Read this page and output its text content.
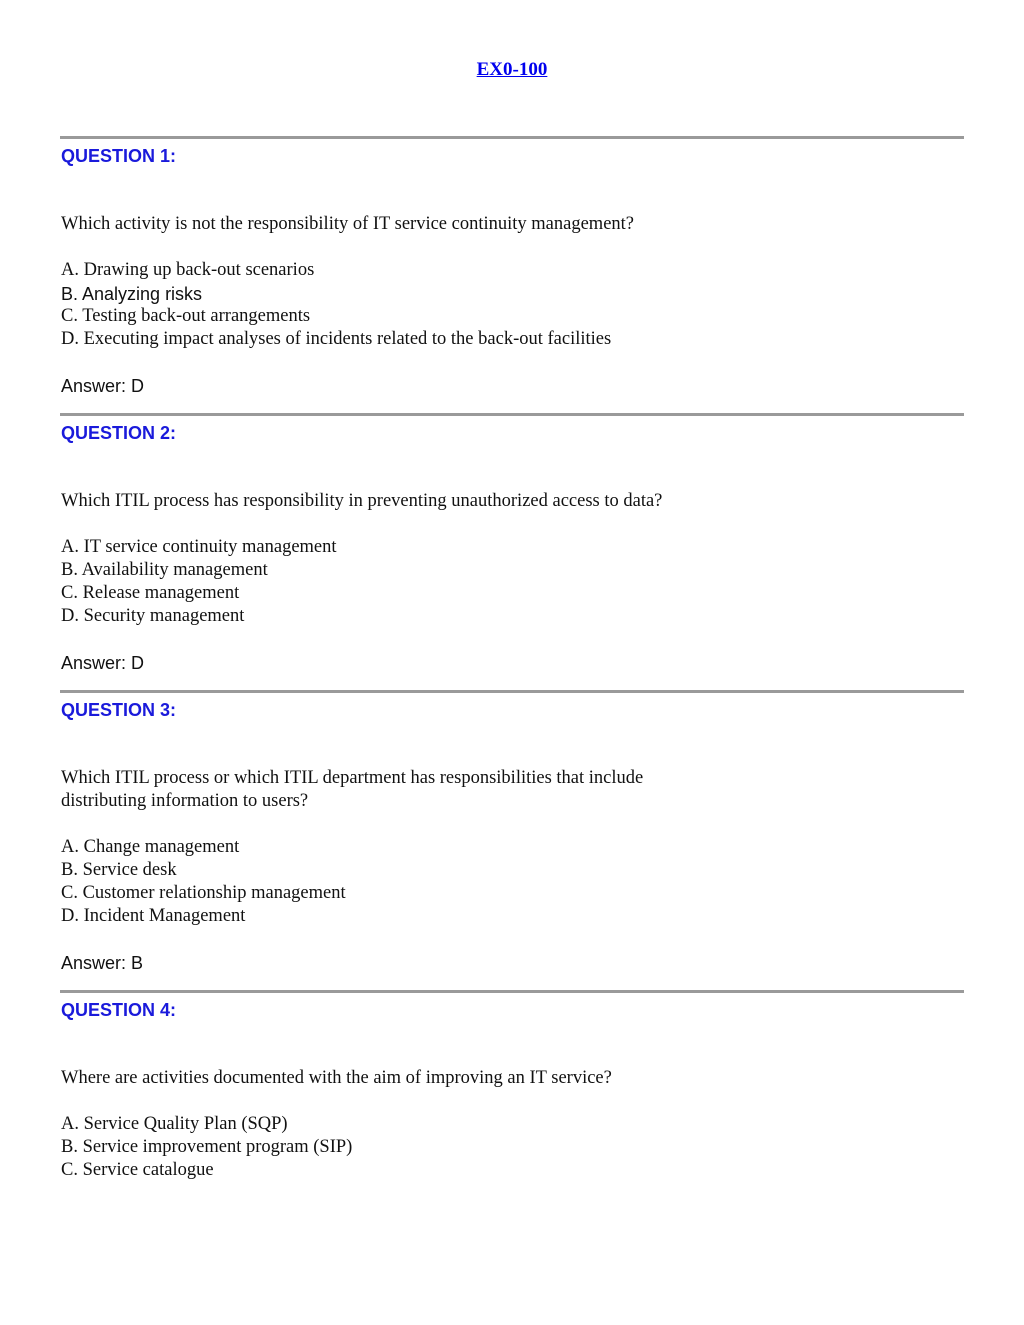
EX0-100
QUESTION 1:
Which activity is not the responsibility of IT service continuity management?
A. Drawing up back-out scenarios
B. Analyzing risks
C. Testing back-out arrangements
D. Executing impact analyses of incidents related to the back-out facilities
Answer: D
QUESTION 2:
Which ITIL process has responsibility in preventing unauthorized access to data?
A. IT service continuity management
B. Availability management
C. Release management
D. Security management
Answer: D
QUESTION 3:
Which ITIL process or which ITIL department has responsibilities that include
distributing information to users?
A. Change management
B. Service desk
C. Customer relationship management
D. Incident Management
Answer: B
QUESTION 4:
Where are activities documented with the aim of improving an IT service?
A. Service Quality Plan (SQP)
B. Service improvement program (SIP)
C. Service catalogue
